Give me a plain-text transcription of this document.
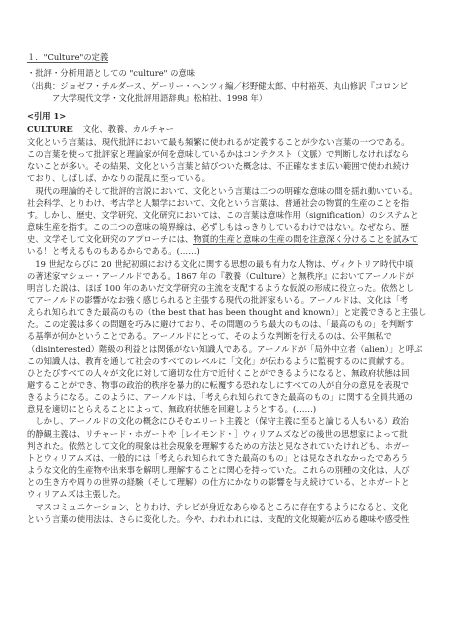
１．"Culture"の定義
・批評・分析用語としての "culture" の意味
（出典：ジョゼフ・チルダース、ゲーリー・ヘンツィ編／杉野健太郎、中村裕英、丸山修訳『コロンビ
ア大学現代文学・文化批評用語辞典』松柏社、1998 年）
<引用 1>
CULTURE 文化、教養、カルチャー
文化という言葉は、現代批評において最も頻繁に使われるが定義することが少ない言葉の一つである。
この言葉を使って批評家と理論家が何を意味しているかはコンテクスト（文脈）で判断しなければなら
ないことが多い。その結果、文化という言葉と結びついた概念は、不正確なまま広い範囲で使われ続け
ており、しばしば、かなりの混乱に至っている。
　現代の理論的そして批評的言説において、文化という言葉は二つの明確な意味の間を揺れ動いている。
社会科学、とりわけ、考古学と人類学において、文化という言葉は、普通社会の物質的生産のことを指
す。しかし、歴史、文学研究、文化研究においては、この言葉は意味作用（signification）のシステムと
意味生産を指す。この二つの意味の境界線は、必ずしもはっきりしているわけではない。なぜなら、歴
史、文学そして文化研究のアプローチには、物質的生産と意味の生産の間を注意深く分けることを試みて
いる！と考えるものもあるからである。(……)
　19 世紀ならびに 20 世紀初頭における文化に関する思想の最も有力な人物は、ヴィクトリア時代中頃
の著述家マシュー・アーノルドである。1867 年の『教養（Culture）と無秩序』においてアーノルドが
明言した説は、ほぼ 100 年のあいだ文学研究の主流を支配するような仮説の形成に役立った。依然とし
てアーノルドの影響がなお強く感じられると主張する現代の批評家もいる。アーノルドは、文化は「考
えられ知られてきた最高のもの（the best that has been thought and known）」と定義できると主張し
た。この定義は多くの問題を巧みに避けており、その問題のうち最大のものは、「最高のもの」を判断す
る基準が何かということである。アーノルドにとって、そのような判断を行えるのは、公平無私で
（disinterested）階級の利益とは関係がない知識人である。アーノルドが「局外中立者（alien）」と呼ぶ
この知識人は、教育を通して社会のすべてのレベルに「文化」が伝わるように監視するのに貢献する。
ひとたびすべての人々が文化に対して適切な仕方で近付くことができるようになると、無政府状態は回
避することができ、物事の政治的秩序を暴力的に転覆する恐れなしにすべての人が自分の意見を表現で
きるようになる。このように、アーノルドは、「考えられ知られてきた最高のもの」に関する全員共通の
意見を適切にとらえることによって、無政府状態を回避しようとする。(……)
　しかし、アーノルドの文化の概念にひそむエリート主義と（保守主義に至ると論じる人もいる）政治
的静観主義は、リチャード・ホガートや［レイモンド・］ウィリアムズなどの後世の思想家によって批
判された。依然として文化的現象は社会現象を理解するための方法と見なされていたけれども、ホガー
トとウィリアムズは、一般的には「考えられ知られてきた最高のもの」とは見なされなかったであろう
ような文化的生産物や出来事を解明し理解することに関心を持っていた。これらの別種の文化は、人び
との生き方や周りの世界の経験（そして理解）の仕方にかなりの影響を与え続けている、とホガートと
ウィリアムズは主張した。
　マスコミュニケーション、とりわけ、テレビが身近なあらゆるところに存在するようになると、文化
という言葉の使用法は、さらに変化した。今や、われわれには、支配的文化規範が広める趣味や感受性
